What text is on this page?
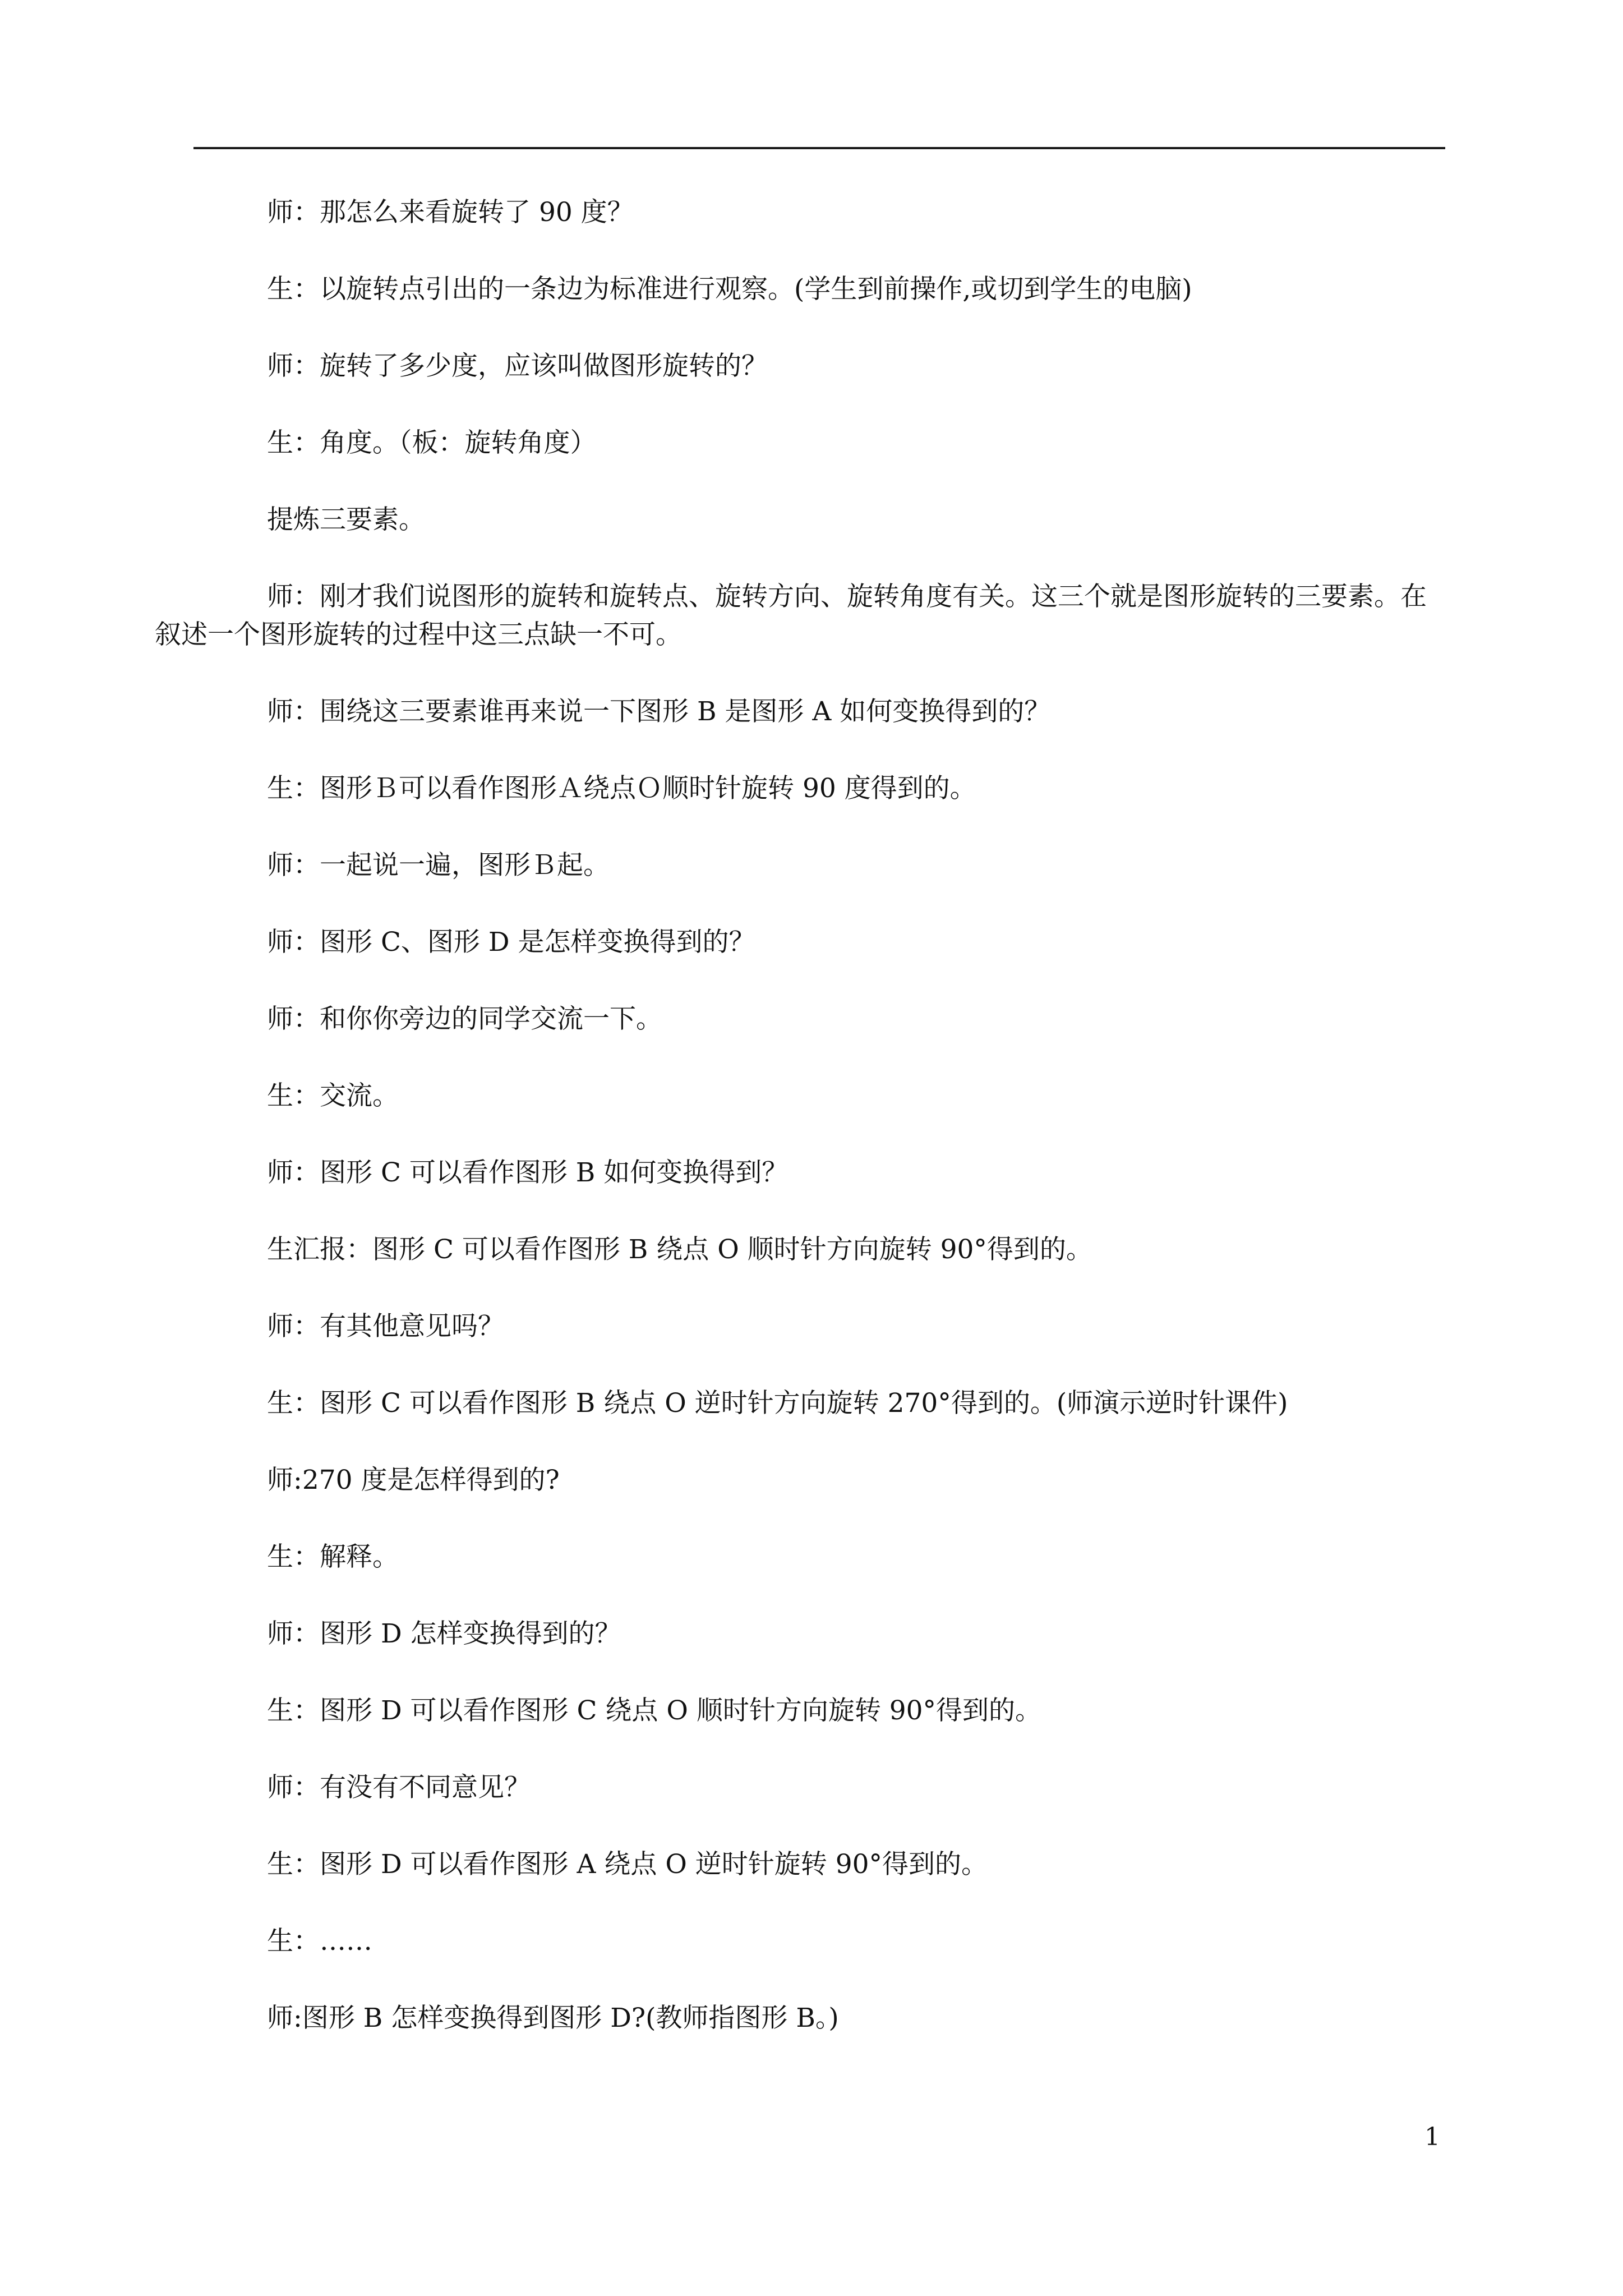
师：那怎么来看旋转了 90 度？

生：以旋转点引出的一条边为标准进行观察。(学生到前操作,或切到学生的电脑)

师：旋转了多少度，应该叫做图形旋转的？

生：角度。（板：旋转角度）

提炼三要素。

师：刚才我们说图形的旋转和旋转点、旋转方向、旋转角度有关。这三个就是图形旋转的三要素。在叙述一个图形旋转的过程中这三点缺一不可。

师：围绕这三要素谁再来说一下图形 B 是图形 A 如何变换得到的？

生：图形Ｂ可以看作图形Ａ绕点Ｏ顺时针旋转 90 度得到的。

师：一起说一遍，图形Ｂ起。

师：图形 C、图形 D 是怎样变换得到的？

师：和你你旁边的同学交流一下。

生：交流。

师：图形 C 可以看作图形 B 如何变换得到？

生汇报：图形 C 可以看作图形 B 绕点 O 顺时针方向旋转 90°得到的。

师：有其他意见吗？

生：图形 C 可以看作图形 B 绕点 O 逆时针方向旋转 270°得到的。(师演示逆时针课件)

师:270 度是怎样得到的?

生：解释。

师：图形 D 怎样变换得到的？

生：图形 D 可以看作图形 C 绕点 O 顺时针方向旋转 90°得到的。

师：有没有不同意见？

生：图形 D 可以看作图形 A 绕点 O 逆时针旋转 90°得到的。

生：……

师:图形 B 怎样变换得到图形 D?(教师指图形 B。)

1
